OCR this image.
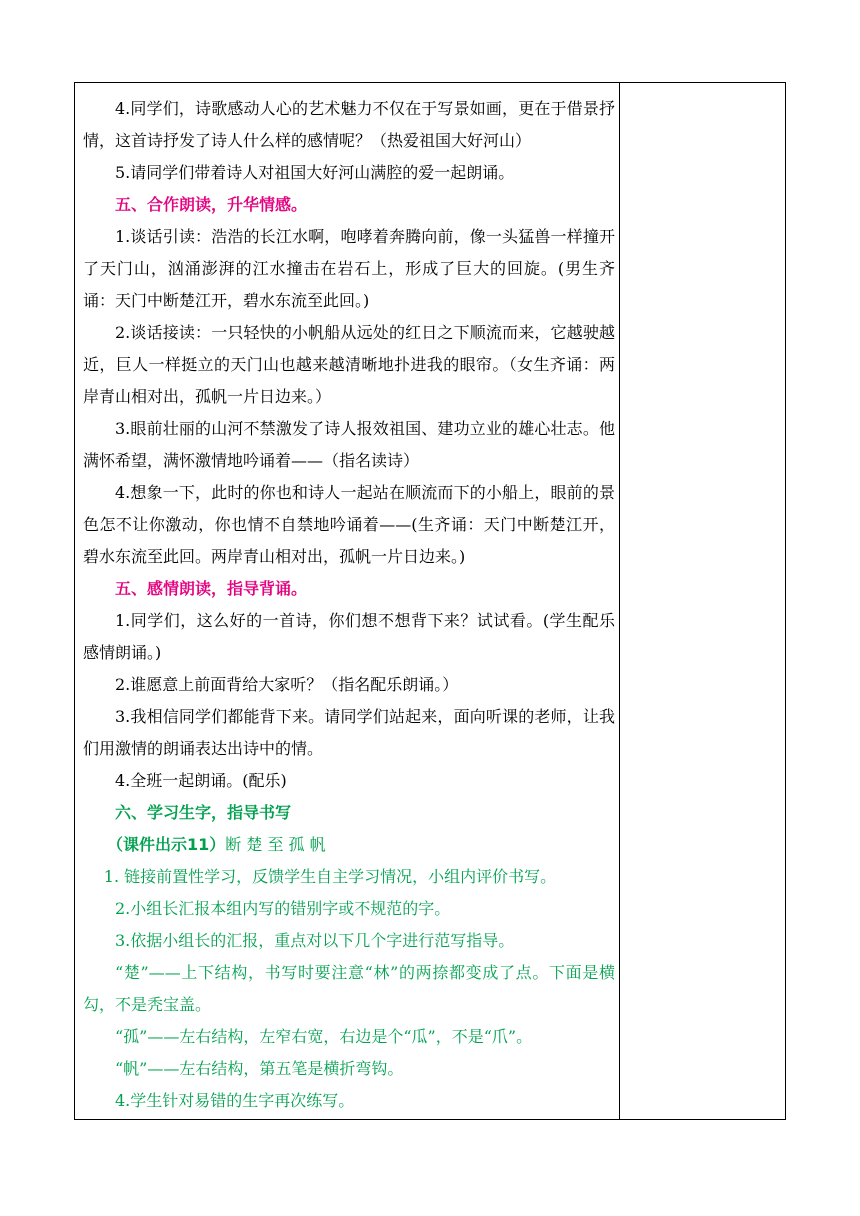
4.同学们，诗歌感动人心的艺术魅力不仅在于写景如画，更在于借景抒情，这首诗抒发了诗人什么样的感情呢？（热爱祖国大好河山）

5.请同学们带着诗人对祖国大好河山满腔的爱一起朗诵。

五、合作朗读，升华情感。

1.谈话引读：浩浩的长江水啊，咆哮着奔腾向前，像一头猛兽一样撞开了天门山，汹涌澎湃的江水撞击在岩石上，形成了巨大的回旋。(男生齐诵：天门中断楚江开，碧水东流至此回。)

2.谈话接读：一只轻快的小帆船从远处的红日之下顺流而来，它越驶越近，巨人一样挺立的天门山也越来越清晰地扑进我的眼帘。（女生齐诵：两岸青山相对出，孤帆一片日边来。）

3.眼前壮丽的山河不禁激发了诗人报效祖国、建功立业的雄心壮志。他满怀希望，满怀激情地吟诵着——（指名读诗）

4.想象一下，此时的你也和诗人一起站在顺流而下的小船上，眼前的景色怎不让你激动，你也情不自禁地吟诵着——(生齐诵：天门中断楚江开，碧水东流至此回。两岸青山相对出，孤帆一片日边来。)

五、感情朗读，指导背诵。

1.同学们，这么好的一首诗，你们想不想背下来？试试看。(学生配乐感情朗诵。)

2.谁愿意上前面背给大家听？（指名配乐朗诵。）

3.我相信同学们都能背下来。请同学们站起来，面向听课的老师，让我们用激情的朗诵表达出诗中的情。

4.全班一起朗诵。(配乐)

六、学习生字，指导书写

（课件出示11）断 楚 至 孤 帆

1. 链接前置性学习，反馈学生自主学习情况，小组内评价书写。

2.小组长汇报本组内写的错别字或不规范的字。

3.依据小组长的汇报，重点对以下几个字进行范写指导。

“楚”——上下结构，书写时要注意“林”的两捺都变成了点。下面是横勾，不是秃宝盖。

“孤”——左右结构，左窄右宽，右边是个“瓜”，不是“爪”。

“帆”——左右结构，第五笔是横折弯钩。

4.学生针对易错的生字再次练写。
